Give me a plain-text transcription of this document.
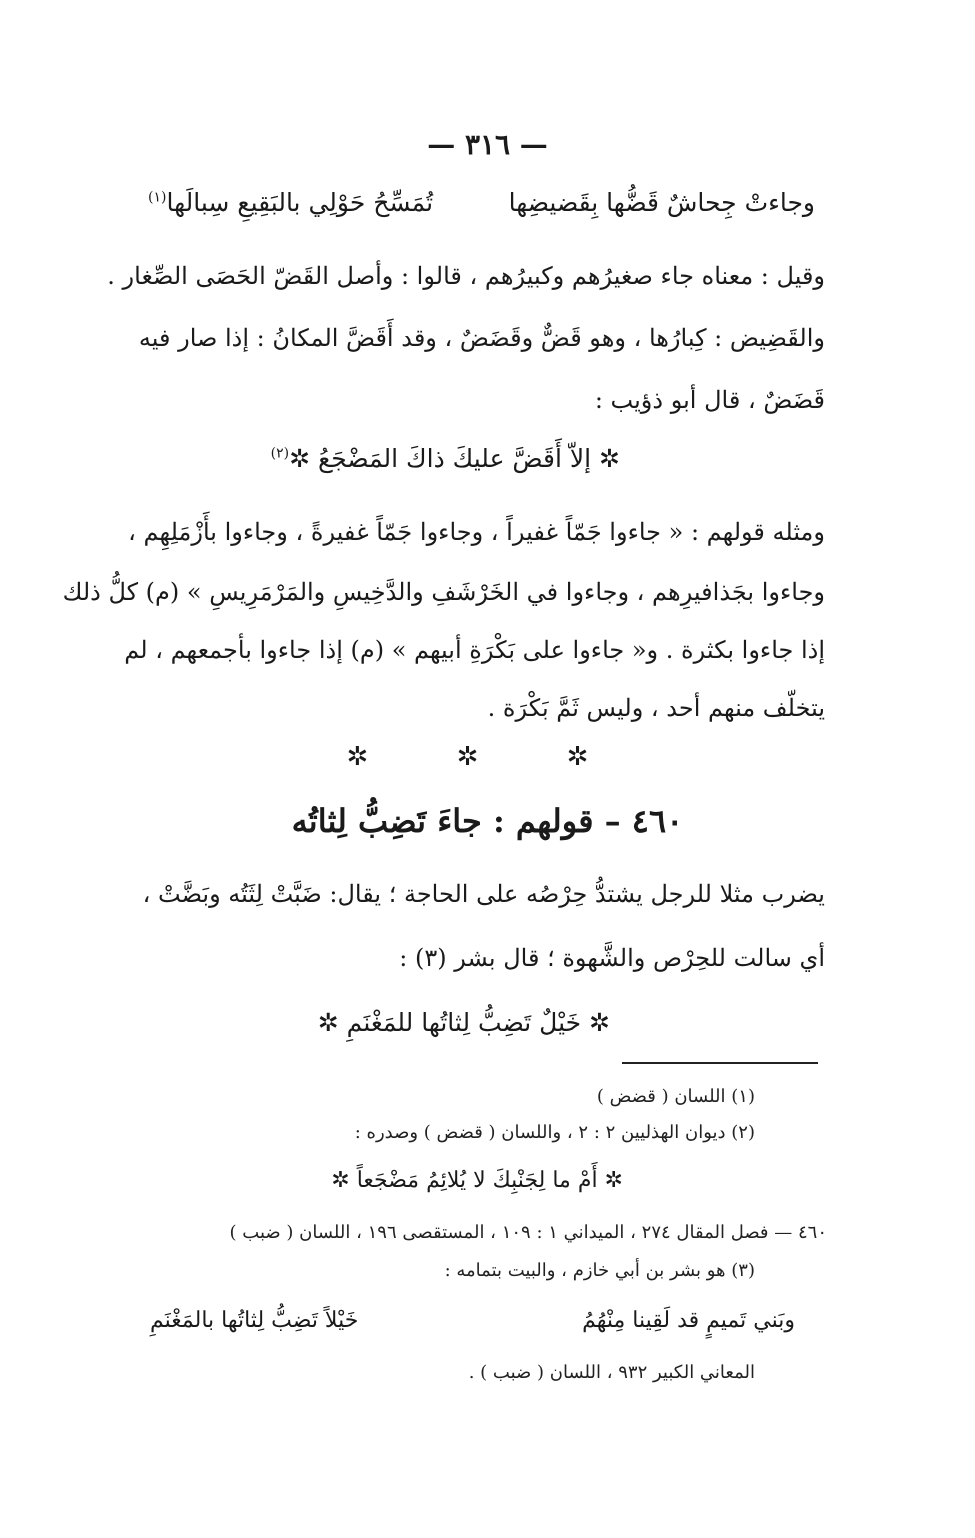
— ٣١٦ —
وجاءتْ جِحاشٌ قَضُّها بِقَضيضِها
تُمَسِّحُ حَوْلِي بالبَقِيعِ سِبالَها$^{(١)}$
وقيل : معناه جاء صغيرُهم وكبيرُهم ، قالوا : وأصل القَضّ الحَصَى الصِّغار .
والقَضِيض : كِبارُها ، وهو قَضٌّ وقَضَضٌ ، وقد أَقَضَّ المكانُ : إذا صار فيه
قَضَضٌ ، قال أبو ذؤيب :
✲ إلاّ أَقَضَّ عليكَ ذاكَ المَضْجَعُ ✲$^{(٢)}$
ومثله قولهم : « جاءوا جَمّاً غفيراً ، وجاءوا جَمّاً غفيرةً ، وجاءوا بأَزْمَلِهِم ،
وجاءوا بجَذافيرِهم ، وجاءوا في الخَرْشَفِ والدَّخِيسِ والمَرْمَرِيسِ » (م) كلُّ ذلك
إذا جاءوا بكثرة . و« جاءوا على بَكْرَةِ أبيهم » (م) إذا جاءوا بأجمعهم ، لم
يتخلّف منهم أحد ، وليس ثَمَّ بَكْرَة .
✲ ✲ ✲
٤٦٠ – قولهم : جاءَ تَضِبُّ لِثاتُه
يضرب مثلا للرجل يشتدُّ حِرْصُه على الحاجة ؛ يقال: ضَبَّتْ لِثَتُه وبَضَّتْ ،
أي سالت للحِرْص والشَّهوة ؛ قال بشر (٣) :
✲ خَيْلٌ تَضِبُّ لِثاتُها للمَغْنَمِ ✲
(١) اللسان ( قضض )
(٢) ديوان الهذليين ٢ : ٢ ، واللسان ( قضض ) وصدره :
✲ أَمْ ما لِجَنْبِكَ لا يُلائِمُ مَضْجَعاً ✲
٤٦٠ — فصل المقال ٢٧٤ ، الميداني ١ : ١٠٩ ، المستقصى ١٩٦ ، اللسان ( ضبب )
(٣) هو بشر بن أبي خازم ، والبيت بتمامه :
وبَني تَميمٍ قد لَقِينا مِنْهُمُ
خَيْلاً تَضِبُّ لِثاتُها بالمَغْنَمِ
المعاني الكبير ٩٣٢ ، اللسان ( ضبب ) .
